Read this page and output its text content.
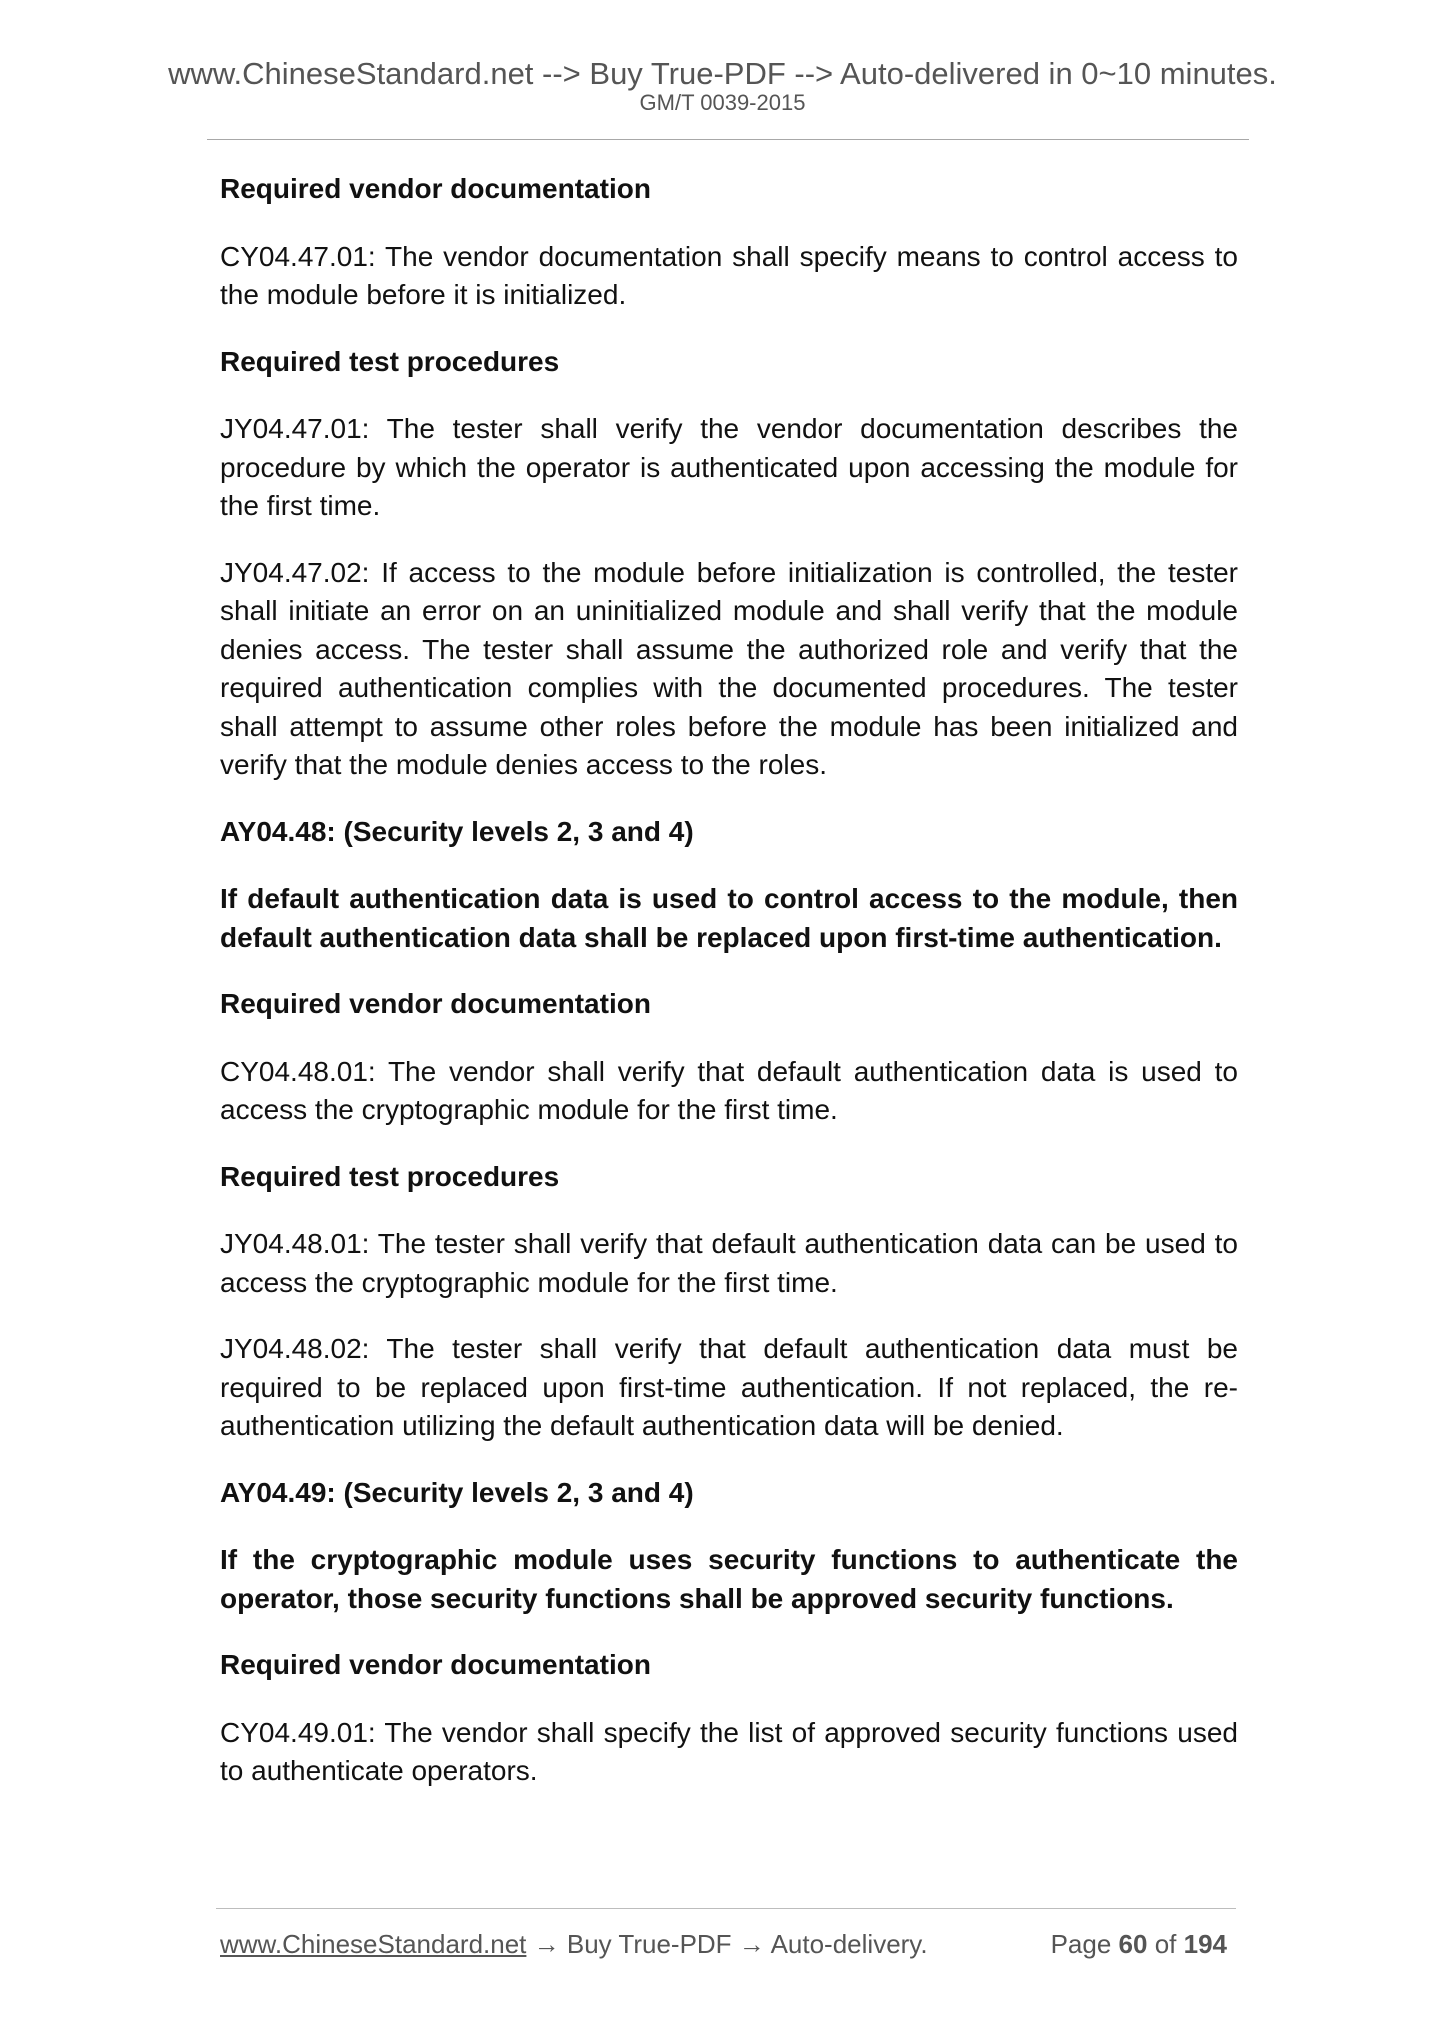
www.ChineseStandard.net --> Buy True-PDF --> Auto-delivered in 0~10 minutes.
GM/T 0039-2015

Required vendor documentation

CY04.47.01: The vendor documentation shall specify means to control access to the module before it is initialized.

Required test procedures

JY04.47.01: The tester shall verify the vendor documentation describes the procedure by which the operator is authenticated upon accessing the module for the first time.

JY04.47.02: If access to the module before initialization is controlled, the tester shall initiate an error on an uninitialized module and shall verify that the module denies access. The tester shall assume the authorized role and verify that the required authentication complies with the documented procedures. The tester shall attempt to assume other roles before the module has been initialized and verify that the module denies access to the roles.

AY04.48: (Security levels 2, 3 and 4)

If default authentication data is used to control access to the module, then default authentication data shall be replaced upon first-time authentication.

Required vendor documentation

CY04.48.01: The vendor shall verify that default authentication data is used to access the cryptographic module for the first time.

Required test procedures

JY04.48.01: The tester shall verify that default authentication data can be used to access the cryptographic module for the first time.

JY04.48.02: The tester shall verify that default authentication data must be required to be replaced upon first-time authentication. If not replaced, the re-authentication utilizing the default authentication data will be denied.

AY04.49: (Security levels 2, 3 and 4)

If the cryptographic module uses security functions to authenticate the operator, those security functions shall be approved security functions.

Required vendor documentation

CY04.49.01: The vendor shall specify the list of approved security functions used to authenticate operators.

www.ChineseStandard.net → Buy True-PDF → Auto-delivery.	Page 60 of 194
